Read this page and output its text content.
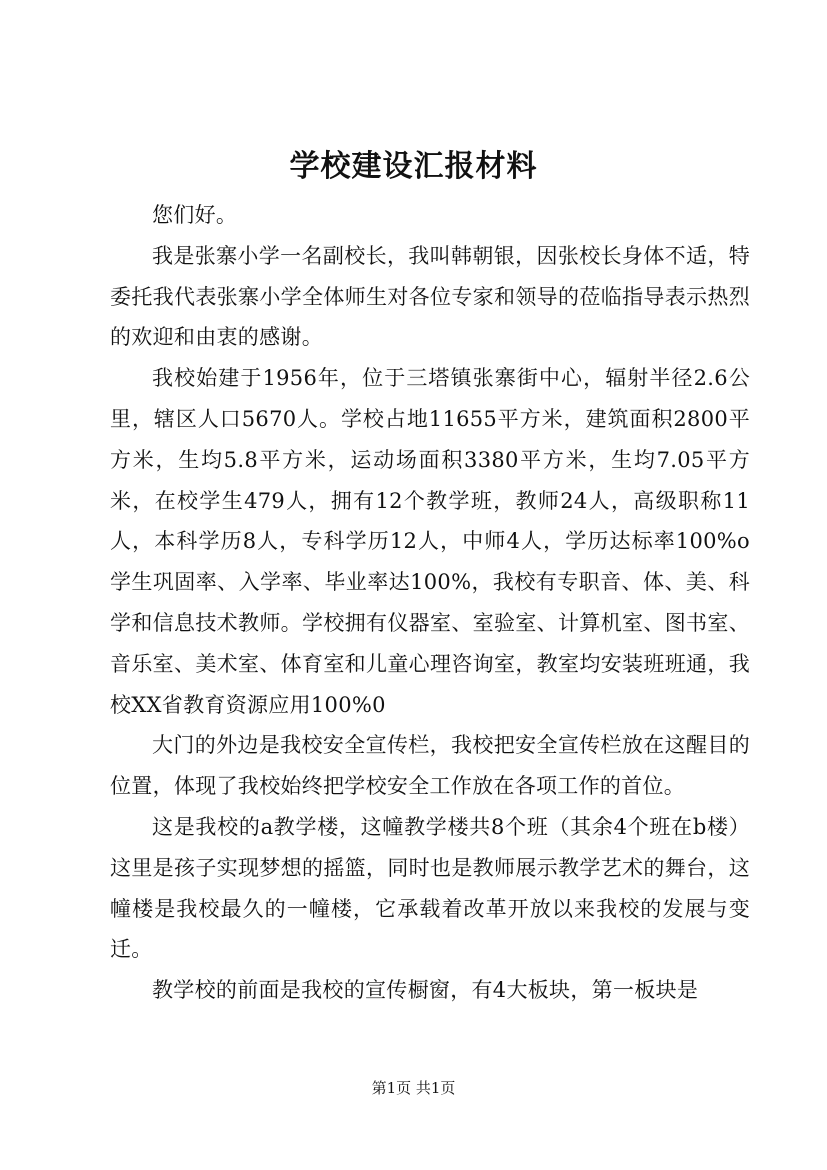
学校建设汇报材料

您们好。

我是张寨小学一名副校长，我叫韩朝银，因张校长身体不适，特委托我代表张寨小学全体师生对各位专家和领导的莅临指导表示热烈的欢迎和由衷的感谢。

我校始建于1956年，位于三塔镇张寨街中心，辐射半径2.6公里，辖区人口5670人。学校占地11655平方米，建筑面积2800平方米，生均5.8平方米，运动场面积3380平方米，生均7.05平方米，在校学生479人，拥有12个教学班，教师24人，高级职称11人，本科学历8人，专科学历12人，中师4人，学历达标率100%o学生巩固率、入学率、毕业率达100%，我校有专职音、体、美、科学和信息技术教师。学校拥有仪器室、室验室、计算机室、图书室、音乐室、美术室、体育室和儿童心理咨询室，教室均安装班班通，我校XX省教育资源应用100%0

大门的外边是我校安全宣传栏，我校把安全宣传栏放在这醒目的位置，体现了我校始终把学校安全工作放在各项工作的首位。

这是我校的a教学楼，这幢教学楼共8个班（其余4个班在b楼）这里是孩子实现梦想的摇篮，同时也是教师展示教学艺术的舞台，这幢楼是我校最久的一幢楼，它承载着改革开放以来我校的发展与变迁。

教学校的前面是我校的宣传橱窗，有4大板块，第一板块是

第1页 共1页
